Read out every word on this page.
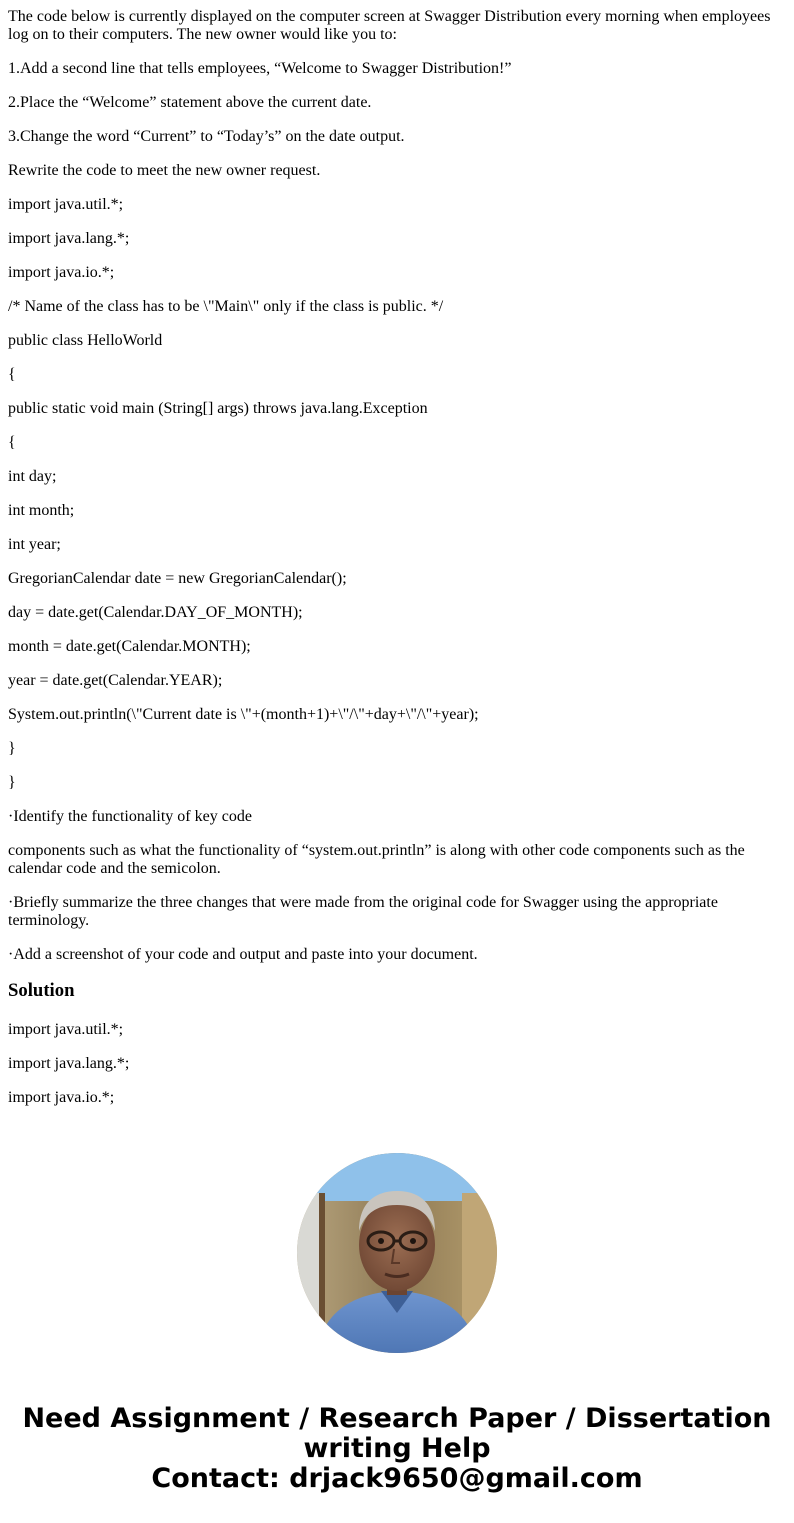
The code below is currently displayed on the computer screen at Swagger Distribution every morning when employees log on to their computers. The new owner would like you to:

1.Add a second line that tells employees, “Welcome to Swagger Distribution!”

2.Place the “Welcome” statement above the current date.

3.Change the word “Current” to “Today’s” on the date output.

Rewrite the code to meet the new owner request.

import java.util.*;

import java.lang.*;

import java.io.*;

/* Name of the class has to be \"Main\" only if the class is public. */

public class HelloWorld

{

public static void main (String[] args) throws java.lang.Exception

{

int day;

int month;

int year;

GregorianCalendar date = new GregorianCalendar();

day = date.get(Calendar.DAY_OF_MONTH);

month = date.get(Calendar.MONTH);

year = date.get(Calendar.YEAR);

System.out.println(\"Current date is \"+(month+1)+\"/\"+day+\"/\"+year);

}

}

·Identify the functionality of key code

components such as what the functionality of “system.out.println” is along with other code components such as the calendar code and the semicolon.

·Briefly summarize the three changes that were made from the original code for Swagger using the appropriate terminology.

·Add a screenshot of your code and output and paste into your document.

Solution

import java.util.*;

import java.lang.*;

import java.io.*;

Need Assignment / Research Paper / Dissertation
writing Help
Contact: drjack9650@gmail.com
